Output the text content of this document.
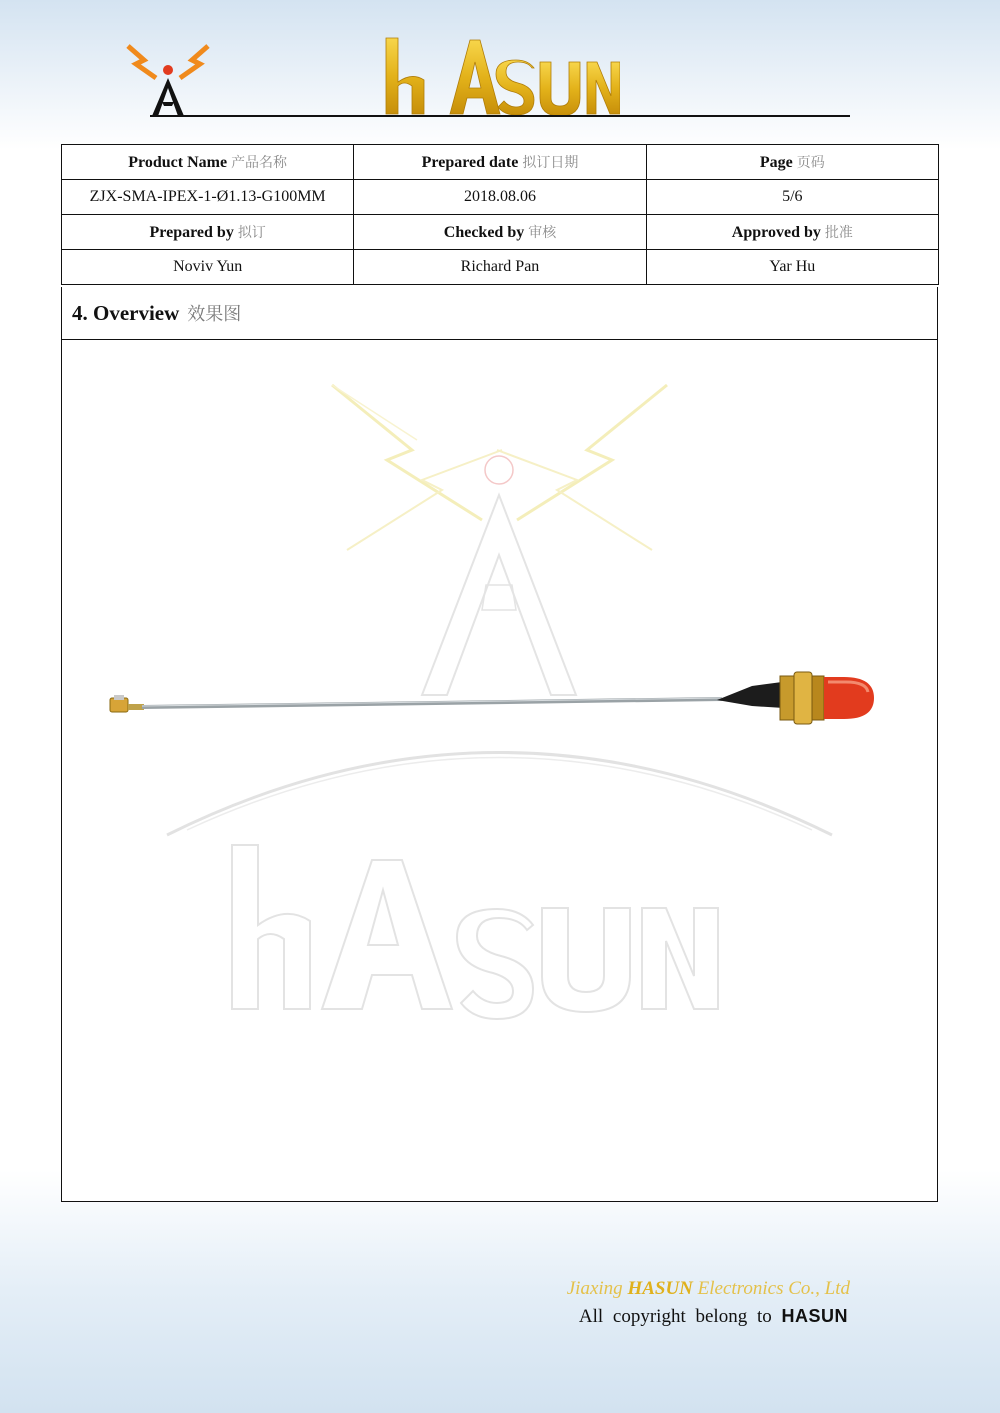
Product Name 产品名称	Prepared date 拟订日期	Page 页码
ZJX-SMA-IPEX-1-Ø1.13-G100MM	2018.08.06	5/6
Prepared by 拟订	Checked by 审核	Approved by 批准
Noviv Yun	Richard Pan	Yar Hu
4. Overview 效果图
Jiaxing HASUN Electronics Co., Ltd
All copyright belong to HASUN
